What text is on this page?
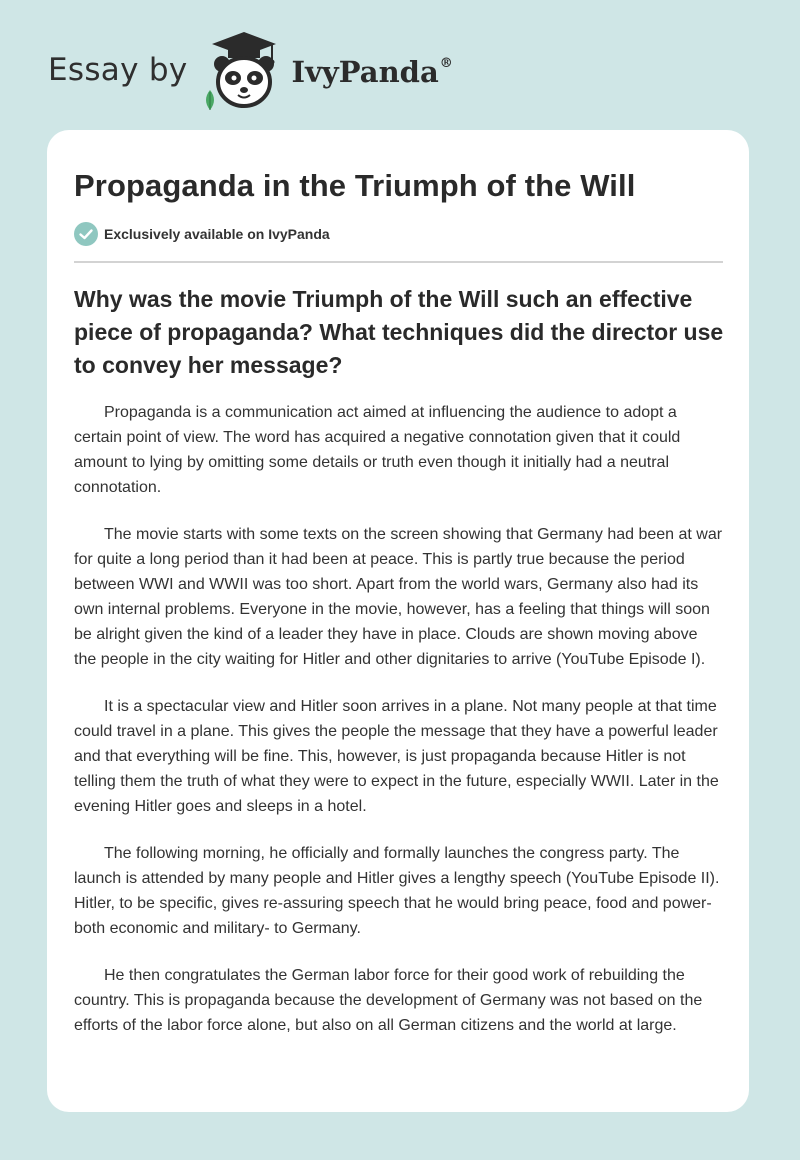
Essay by	IvyPanda®
Propaganda in the Triumph of the Will
Exclusively available on IvyPanda
Why was the movie Triumph of the Will such an effective piece of propaganda? What techniques did the director use to convey her message?

Propaganda is a communication act aimed at influencing the audience to adopt a certain point of view. The word has acquired a negative connotation given that it could amount to lying by omitting some details or truth even though it initially had a neutral connotation.

The movie starts with some texts on the screen showing that Germany had been at war for quite a long period than it had been at peace. This is partly true because the period between WWI and WWII was too short. Apart from the world wars, Germany also had its own internal problems. Everyone in the movie, however, has a feeling that things will soon be alright given the kind of a leader they have in place. Clouds are shown moving above the people in the city waiting for Hitler and other dignitaries to arrive (YouTube Episode I).

It is a spectacular view and Hitler soon arrives in a plane. Not many people at that time could travel in a plane. This gives the people the message that they have a powerful leader and that everything will be fine. This, however, is just propaganda because Hitler is not telling them the truth of what they were to expect in the future, especially WWII. Later in the evening Hitler goes and sleeps in a hotel.

The following morning, he officially and formally launches the congress party. The launch is attended by many people and Hitler gives a lengthy speech (YouTube Episode II). Hitler, to be specific, gives re-assuring speech that he would bring peace, food and power- both economic and military- to Germany.

He then congratulates the German labor force for their good work of rebuilding the country. This is propaganda because the development of Germany was not based on the efforts of the labor force alone, but also on all German citizens and the world at large.
